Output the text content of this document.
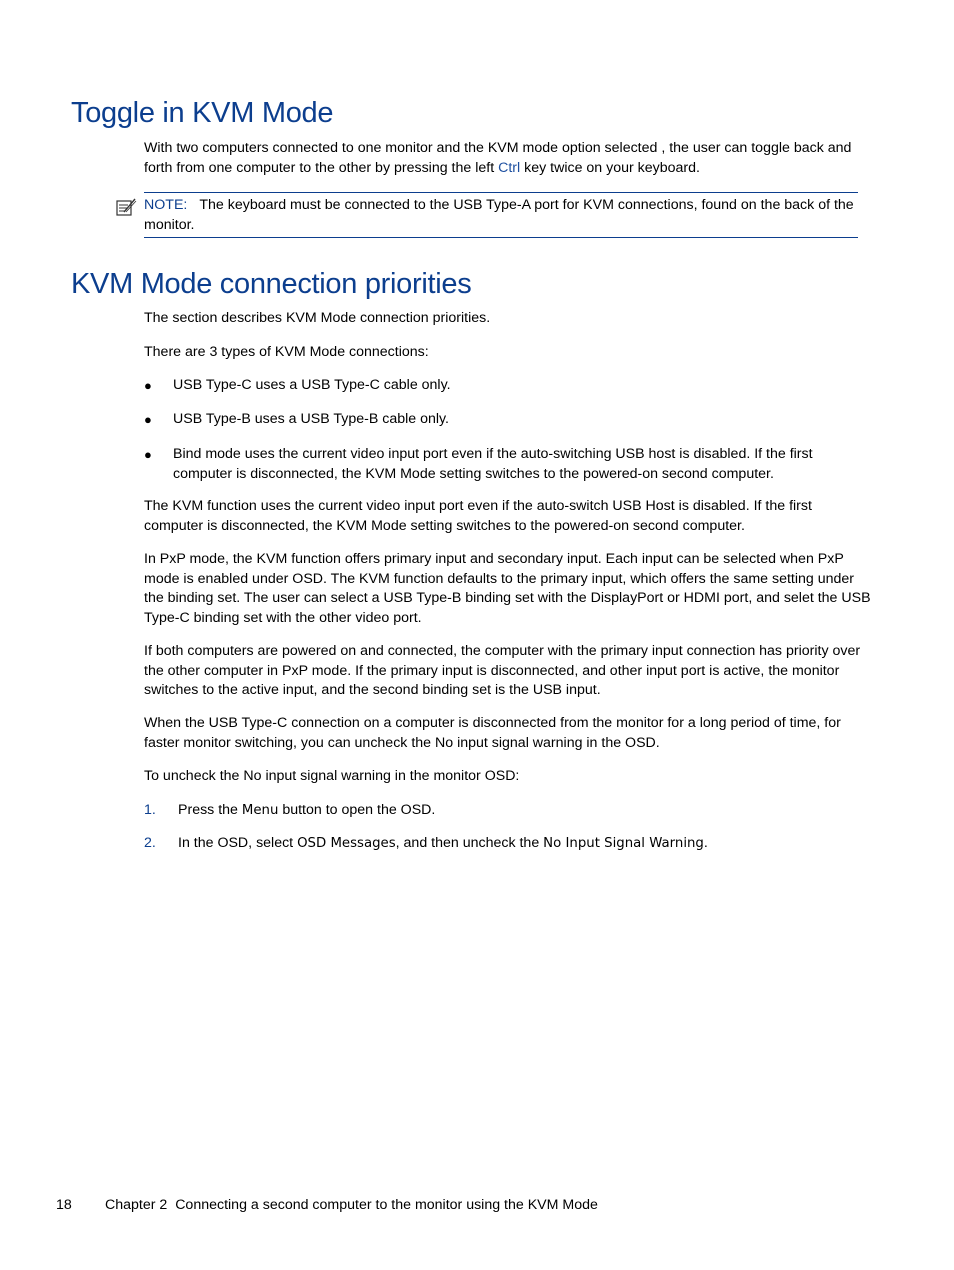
Toggle in KVM Mode

With two computers connected to one monitor and the KVM mode option selected , the user can toggle back and forth from one computer to the other by pressing the left Ctrl key twice on your keyboard.

NOTE: The keyboard must be connected to the USB Type-A port for KVM connections, found on the back of the monitor.

KVM Mode connection priorities

The section describes KVM Mode connection priorities.

There are 3 types of KVM Mode connections:

● USB Type-C uses a USB Type-C cable only.

● USB Type-B uses a USB Type-B cable only.

● Bind mode uses the current video input port even if the auto-switching USB host is disabled. If the first computer is disconnected, the KVM Mode setting switches to the powered-on second computer.

The KVM function uses the current video input port even if the auto-switch USB Host is disabled. If the first computer is disconnected, the KVM Mode setting switches to the powered-on second computer.

In PxP mode, the KVM function offers primary input and secondary input. Each input can be selected when PxP mode is enabled under OSD. The KVM function defaults to the primary input, which offers the same setting under the binding set. The user can select a USB Type-B binding set with the DisplayPort or HDMI port, and selet the USB Type-C binding set with the other video port.

If both computers are powered on and connected, the computer with the primary input connection has priority over the other computer in PxP mode. If the primary input is disconnected, and other input port is active, the monitor switches to the active input, and the second binding set is the USB input.

When the USB Type-C connection on a computer is disconnected from the monitor for a long period of time, for faster monitor switching, you can uncheck the No input signal warning in the OSD.

To uncheck the No input signal warning in the monitor OSD:

1. Press the Menu button to open the OSD.

2. In the OSD, select OSD Messages, and then uncheck the No Input Signal Warning.

18 Chapter 2  Connecting a second computer to the monitor using the KVM Mode
